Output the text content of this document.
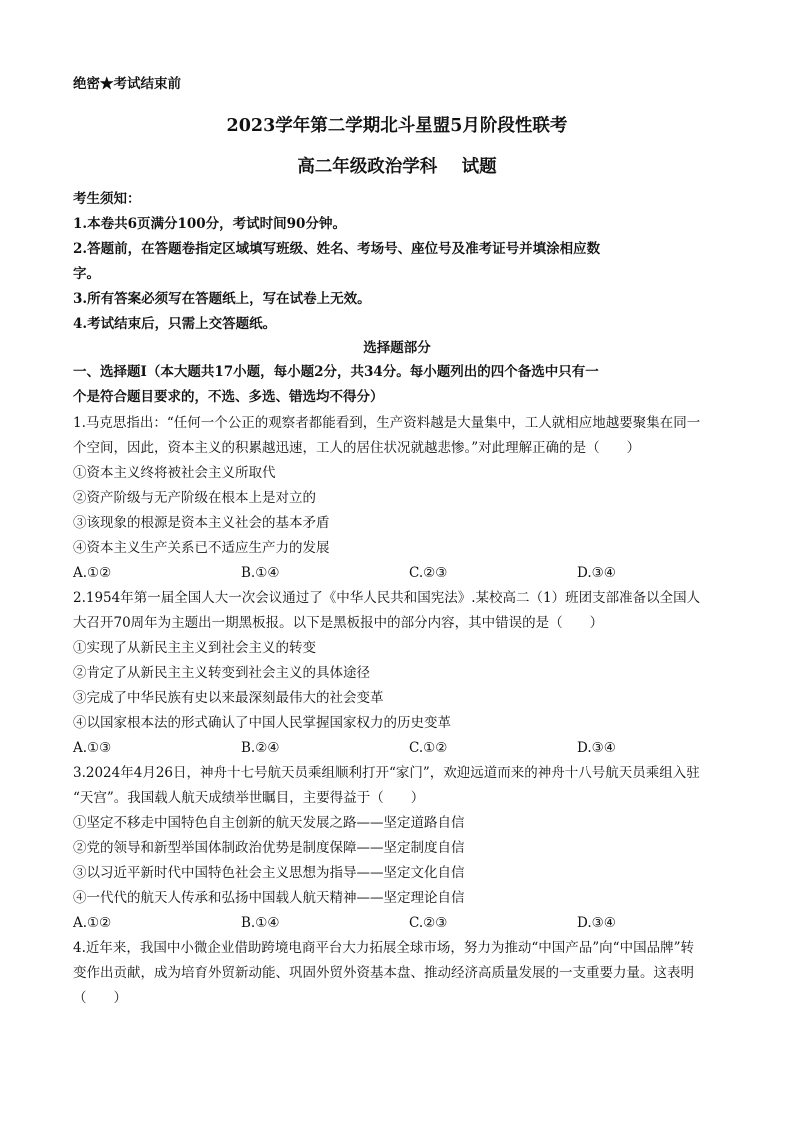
绝密★考试结束前
2023学年第二学期北斗星盟5月阶段性联考
高二年级政治学科    试题
考生须知：
1.本卷共6页满分100分，考试时间90分钟。
2.答题前，在答题卷指定区域填写班级、姓名、考场号、座位号及准考证号并填涂相应数
字。
3.所有答案必须写在答题纸上，写在试卷上无效。
4.考试结束后，只需上交答题纸。
选择题部分
一、选择题Ⅰ（本大题共17小题，每小题2分，共34分。每小题列出的四个备选中只有一
个是符合题目要求的，不选、多选、错选均不得分）
1.马克思指出：“任何一个公正的观察者都能看到，生产资料越是大量集中，工人就相应地越要聚集在同一
个空间，因此，资本主义的积累越迅速，工人的居住状况就越悲惨。”对此理解正确的是（　　）
①资本主义终将被社会主义所取代
②资产阶级与无产阶级在根本上是对立的
③该现象的根源是资本主义社会的基本矛盾
④资本主义生产关系已不适应生产力的发展
A.①②	B.①④	C.②③	D.③④
2.1954年第一届全国人大一次会议通过了《中华人民共和国宪法》.某校高二（1）班团支部准备以全国人
大召开70周年为主题出一期黑板报。以下是黑板报中的部分内容，其中错误的是（　　）
①实现了从新民主主义到社会主义的转变
②肯定了从新民主主义转变到社会主义的具体途径
③完成了中华民族有史以来最深刻最伟大的社会变革
④以国家根本法的形式确认了中国人民掌握国家权力的历史变革
A.①③	B.②④	C.①②	D.③④
3.2024年4月26日，神舟十七号航天员乘组顺利打开“家门”，欢迎远道而来的神舟十八号航天员乘组入驻
“天宫”。我国载人航天成绩举世瞩目，主要得益于（　　）
①坚定不移走中国特色自主创新的航天发展之路——坚定道路自信
②党的领导和新型举国体制政治优势是制度保障——坚定制度自信
③以习近平新时代中国特色社会主义思想为指导——坚定文化自信
④一代代的航天人传承和弘扬中国载人航天精神——坚定理论自信
A.①②	B.①④	C.②③	D.③④
4.近年来，我国中小微企业借助跨境电商平台大力拓展全球市场，努力为推动“中国产品”向“中国品牌”转
变作出贡献，成为培育外贸新动能、巩固外贸外资基本盘、推动经济高质量发展的一支重要力量。这表明
（　　）
